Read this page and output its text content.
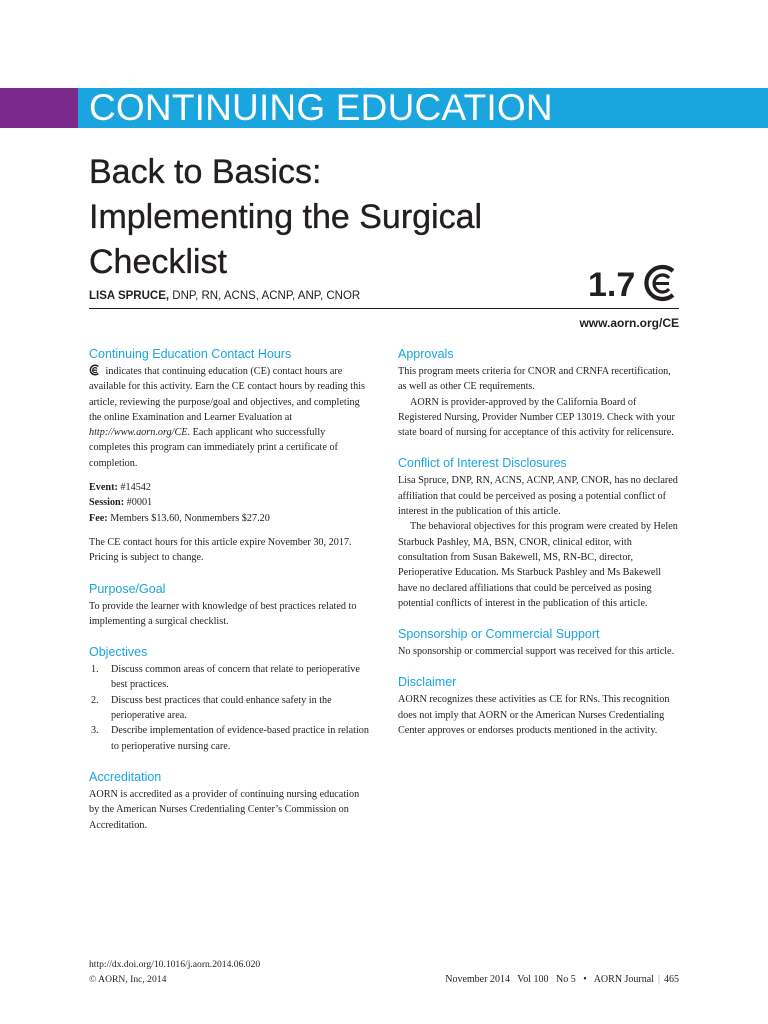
CONTINUING EDUCATION
Back to Basics:
Implementing the Surgical
Checklist
LISA SPRUCE, DNP, RN, ACNS, ACNP, ANP, CNOR	1.7
www.aorn.org/CE
Continuing Education Contact Hours

indicates that continuing education (CE) contact hours are available for this activity. Earn the CE contact hours by reading this article, reviewing the purpose/goal and objectives, and completing the online Examination and Learner Evaluation at http://www.aorn.org/CE. Each applicant who successfully completes this program can immediately print a certificate of completion.

Event: #14542

Session: #0001

Fee: Members $13.60, Nonmembers $27.20

The CE contact hours for this article expire November 30, 2017. Pricing is subject to change.

Purpose/Goal

To provide the learner with knowledge of best practices related to implementing a surgical checklist.

Objectives
1.	Discuss common areas of concern that relate to perioperative best practices.
2.	Discuss best practices that could enhance safety in the perioperative area.
3.	Describe implementation of evidence-based practice in relation to perioperative nursing care.
Accreditation

AORN is accredited as a provider of continuing nursing education by the American Nurses Credentialing Center’s Commission on Accreditation.

Approvals

This program meets criteria for CNOR and CRNFA recertification, as well as other CE requirements.

AORN is provider-approved by the California Board of Registered Nursing, Provider Number CEP 13019. Check with your state board of nursing for acceptance of this activity for relicensure.

Conflict of Interest Disclosures

Lisa Spruce, DNP, RN, ACNS, ACNP, ANP, CNOR, has no declared affiliation that could be perceived as posing a potential conflict of interest in the publication of this article.

The behavioral objectives for this program were created by Helen Starbuck Pashley, MA, BSN, CNOR, clinical editor, with consultation from Susan Bakewell, MS, RN-BC, director, Perioperative Education. Ms Starbuck Pashley and Ms Bakewell have no declared affiliations that could be perceived as posing potential conflicts of interest in the publication of this article.

Sponsorship or Commercial Support

No sponsorship or commercial support was received for this article.

Disclaimer

AORN recognizes these activities as CE for RNs. This recognition does not imply that AORN or the American Nurses Credentialing Center approves or endorses products mentioned in the activity.

http://dx.doi.org/10.1016/j.aorn.2014.06.020
© AORN, Inc, 2014	November 2014 Vol 100 No 5 • AORN Journal | 465
